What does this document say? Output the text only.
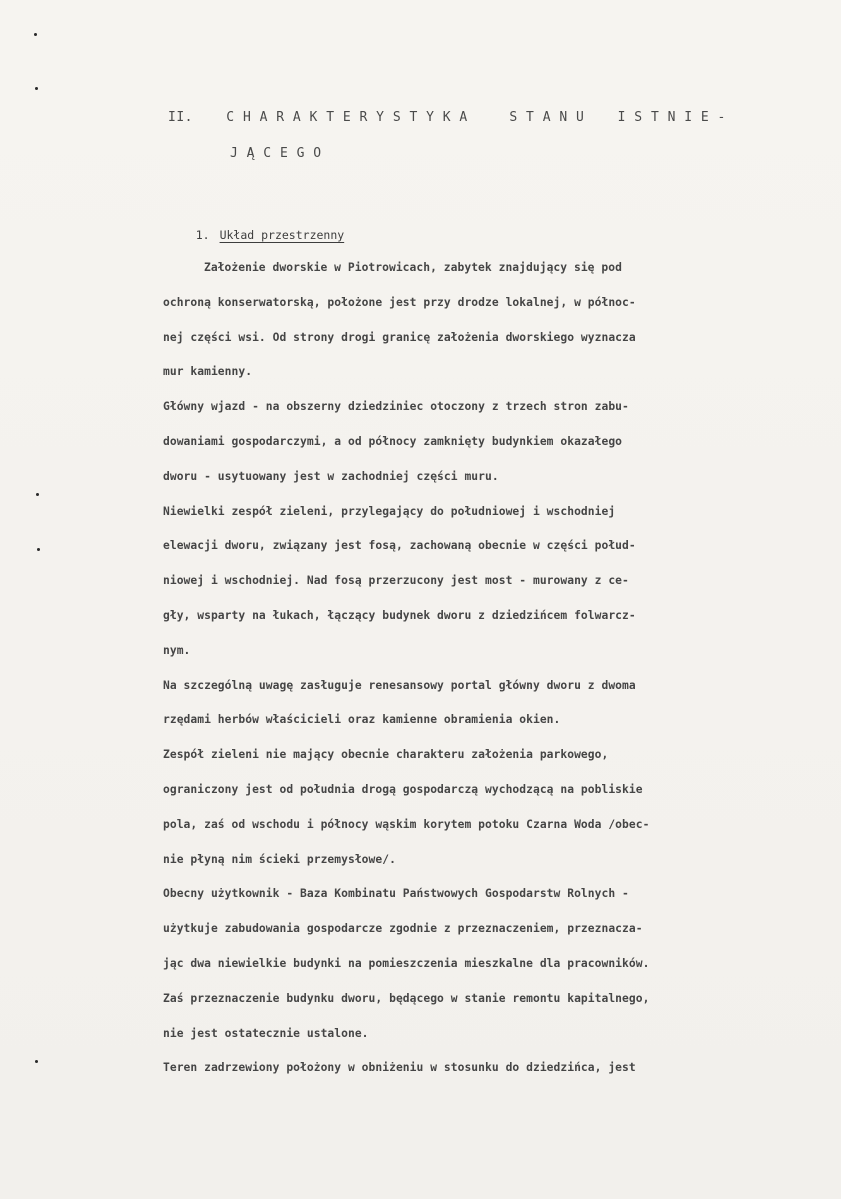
II.    C H A R A K T E R Y S T Y K A     S T A N U    I S T N I E -
J Ą C E G O

1. Układ przestrzenny

Założenie dworskie w Piotrowicach, zabytek znajdujący się pod
ochroną konserwatorską, położone jest przy drodze lokalnej, w północ-
nej części wsi. Od strony drogi granicę założenia dworskiego wyznacza
mur kamienny.
Główny wjazd - na obszerny dziedziniec otoczony z trzech stron zabu-
dowaniami gospodarczymi, a od północy zamknięty budynkiem okazałego
dworu - usytuowany jest w zachodniej części muru.
Niewielki zespół zieleni, przylegający do południowej i wschodniej
elewacji dworu, związany jest fosą, zachowaną obecnie w części połud-
niowej i wschodniej. Nad fosą przerzucony jest most - murowany z ce-
gły, wsparty na łukach, łączący budynek dworu z dziedzińcem folwarcz-
nym.
Na szczególną uwagę zasługuje renesansowy portal główny dworu z dwoma
rzędami herbów właścicieli oraz kamienne obramienia okien.
Zespół zieleni nie mający obecnie charakteru założenia parkowego,
ograniczony jest od południa drogą gospodarczą wychodzącą na pobliskie
pola, zaś od wschodu i północy wąskim korytem potoku Czarna Woda /obec-
nie płyną nim ścieki przemysłowe/.
Obecny użytkownik - Baza Kombinatu Państwowych Gospodarstw Rolnych -
użytkuje zabudowania gospodarcze zgodnie z przeznaczeniem, przeznacza-
jąc dwa niewielkie budynki na pomieszczenia mieszkalne dla pracowników.
Zaś przeznaczenie budynku dworu, będącego w stanie remontu kapitalnego,
nie jest ostatecznie ustalone.
Teren zadrzewiony położony w obniżeniu w stosunku do dziedzińca, jest
